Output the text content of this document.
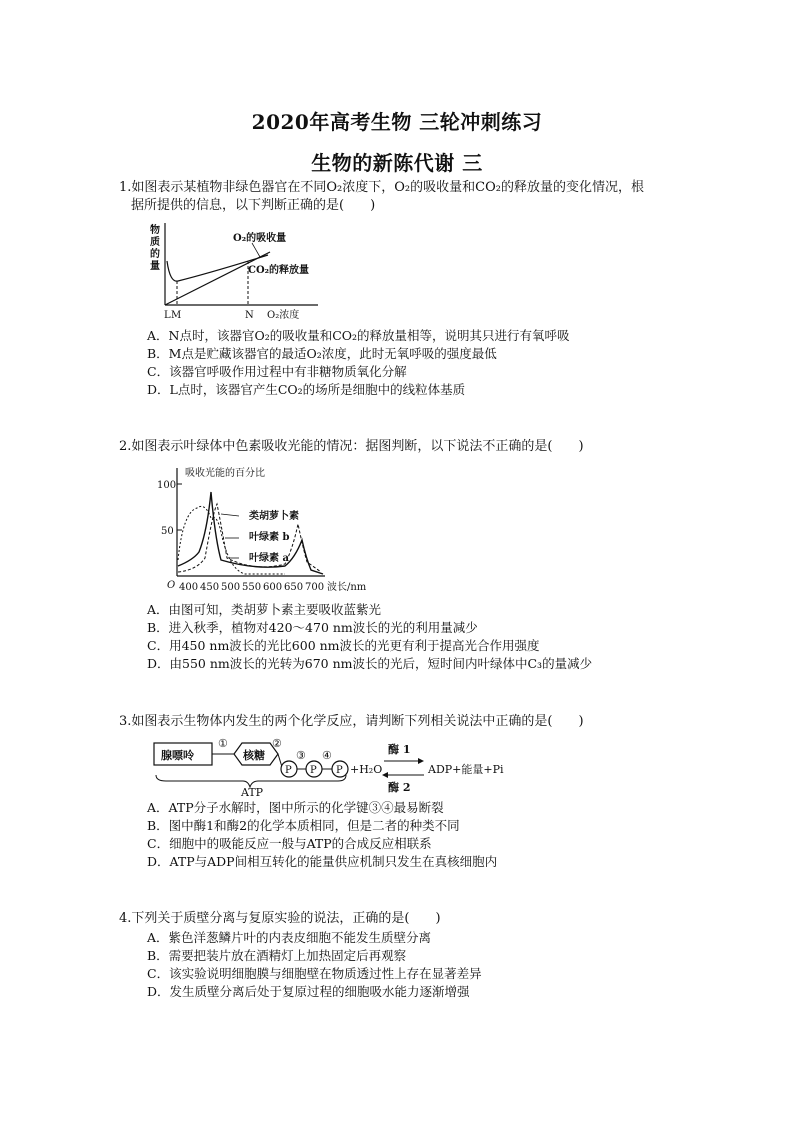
2020年高考生物 三轮冲刺练习
生物的新陈代谢 三

1.如图表示某植物非绿色器官在不同O₂浓度下，O₂的吸收量和CO₂的释放量的变化情况，根

据所提供的信息，以下判断正确的是(　　)

物
质
的
量
O₂的吸收量
CO₂的释放量
L M	N O₂浓度
A．N点时，该器官O₂的吸收量和CO₂的释放量相等，说明其只进行有氧呼吸
B．M点是贮藏该器官的最适O₂浓度，此时无氧呼吸的强度最低
C．该器官呼吸作用过程中有非糖物质氧化分解
D．L点时，该器官产生CO₂的场所是细胞中的线粒体基质

2.如图表示叶绿体中色素吸收光能的情况：据图判断，以下说法不正确的是(　　)

吸收光能的百分比
100
50
O
类胡萝卜素
叶绿素 b
叶绿素 a
400 450 500 550 600 650 700 波长/nm
A．由图可知，类胡萝卜素主要吸收蓝紫光
B．进入秋季，植物对420～470 nm波长的光的利用量减少
C．用450 nm波长的光比600 nm波长的光更有利于提高光合作用强度
D．由550 nm波长的光转为670 nm波长的光后，短时间内叶绿体中C₃的量减少

3.如图表示生物体内发生的两个化学反应，请判断下列相关说法中正确的是(　　)

腺嘌呤
①
核糖
②
P
③
P
④
P +H₂O
酶 1
酶 2
ADP+能量+Pi
ATP
A．ATP分子水解时，图中所示的化学键③④最易断裂
B．图中酶1和酶2的化学本质相同，但是二者的种类不同
C．细胞中的吸能反应一般与ATP的合成反应相联系
D．ATP与ADP间相互转化的能量供应机制只发生在真核细胞内

4.下列关于质壁分离与复原实验的说法，正确的是(　　)

A．紫色洋葱鳞片叶的内表皮细胞不能发生质壁分离
B．需要把装片放在酒精灯上加热固定后再观察
C．该实验说明细胞膜与细胞壁在物质透过性上存在显著差异
D．发生质壁分离后处于复原过程的细胞吸水能力逐渐增强
